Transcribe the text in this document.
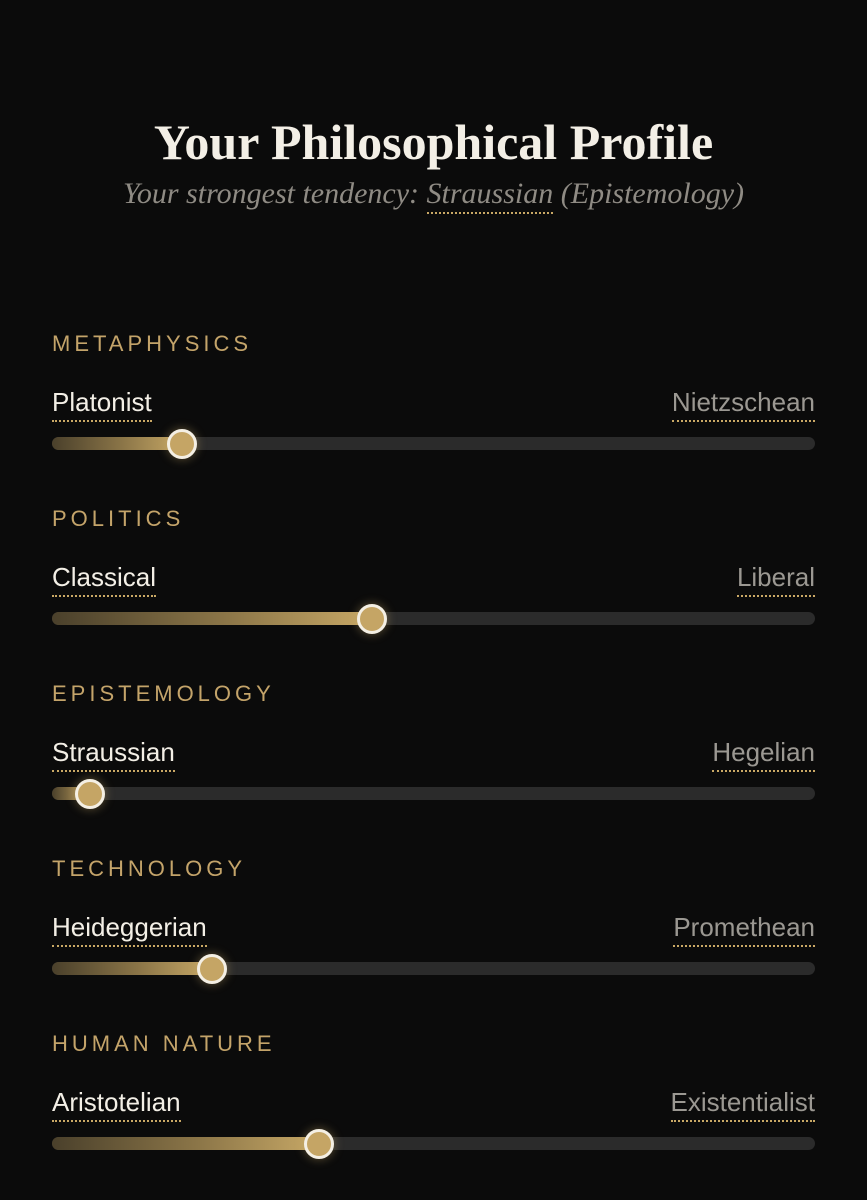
Your Philosophical Profile
Your strongest tendency: Straussian (Epistemology)
METAPHYSICS
Platonist	Nietzschean
POLITICS
Classical	Liberal
EPISTEMOLOGY
Straussian	Hegelian
TECHNOLOGY
Heideggerian	Promethean
HUMAN NATURE
Aristotelian	Existentialist
